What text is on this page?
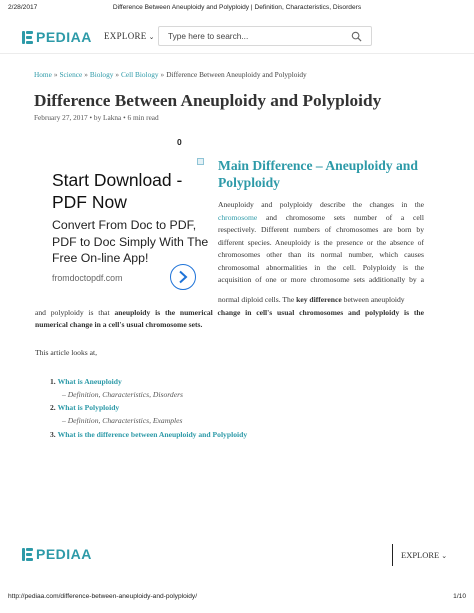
2/28/2017	Difference Between Aneuploidy and Polyploidy | Definition, Characteristics, Disorders
PEDIAA EXPLORE ⌄ Type here to search...
Home » Science » Biology » Cell Biology » Difference Between Aneuploidy and Polyploidy
Difference Between Aneuploidy and Polyploidy
February 27, 2017 • by Lakna • 6 min read
0
Start Download - PDF Now
Convert From Doc to PDF, PDF to Doc Simply With The Free On-line App!
fromdoctopdf.com
Main Difference – Aneuploidy and Polyploidy
Aneuploidy and polyploidy describe the changes in the
chromosome and chromosome sets number of a cell
respectively. Different numbers of chromosomes are born by
different species. Aneuploidy is the presence or the absence of
chromosomes other than its normal number, which causes
chromosomal abnormalities in the cell. Polyploidy is the
acquisition of one or more chromosome sets additionally by a
normal diploid cells. The key difference between aneuploidy
and polyploidy is that aneuploidy is the numerical change in cell's usual chromosomes and polyploidy is the
numerical change in a cell's usual chromosome sets.
This article looks at,
1. What is Aneuploidy
– Definition, Characteristics, Disorders
2. What is Polyploidy
– Definition, Characteristics, Examples
3. What is the difference between Aneuploidy and Polyploidy
PEDIAA	EXPLORE ⌄
http://pediaa.com/difference-between-aneuploidy-and-polyploidy/	1/10
